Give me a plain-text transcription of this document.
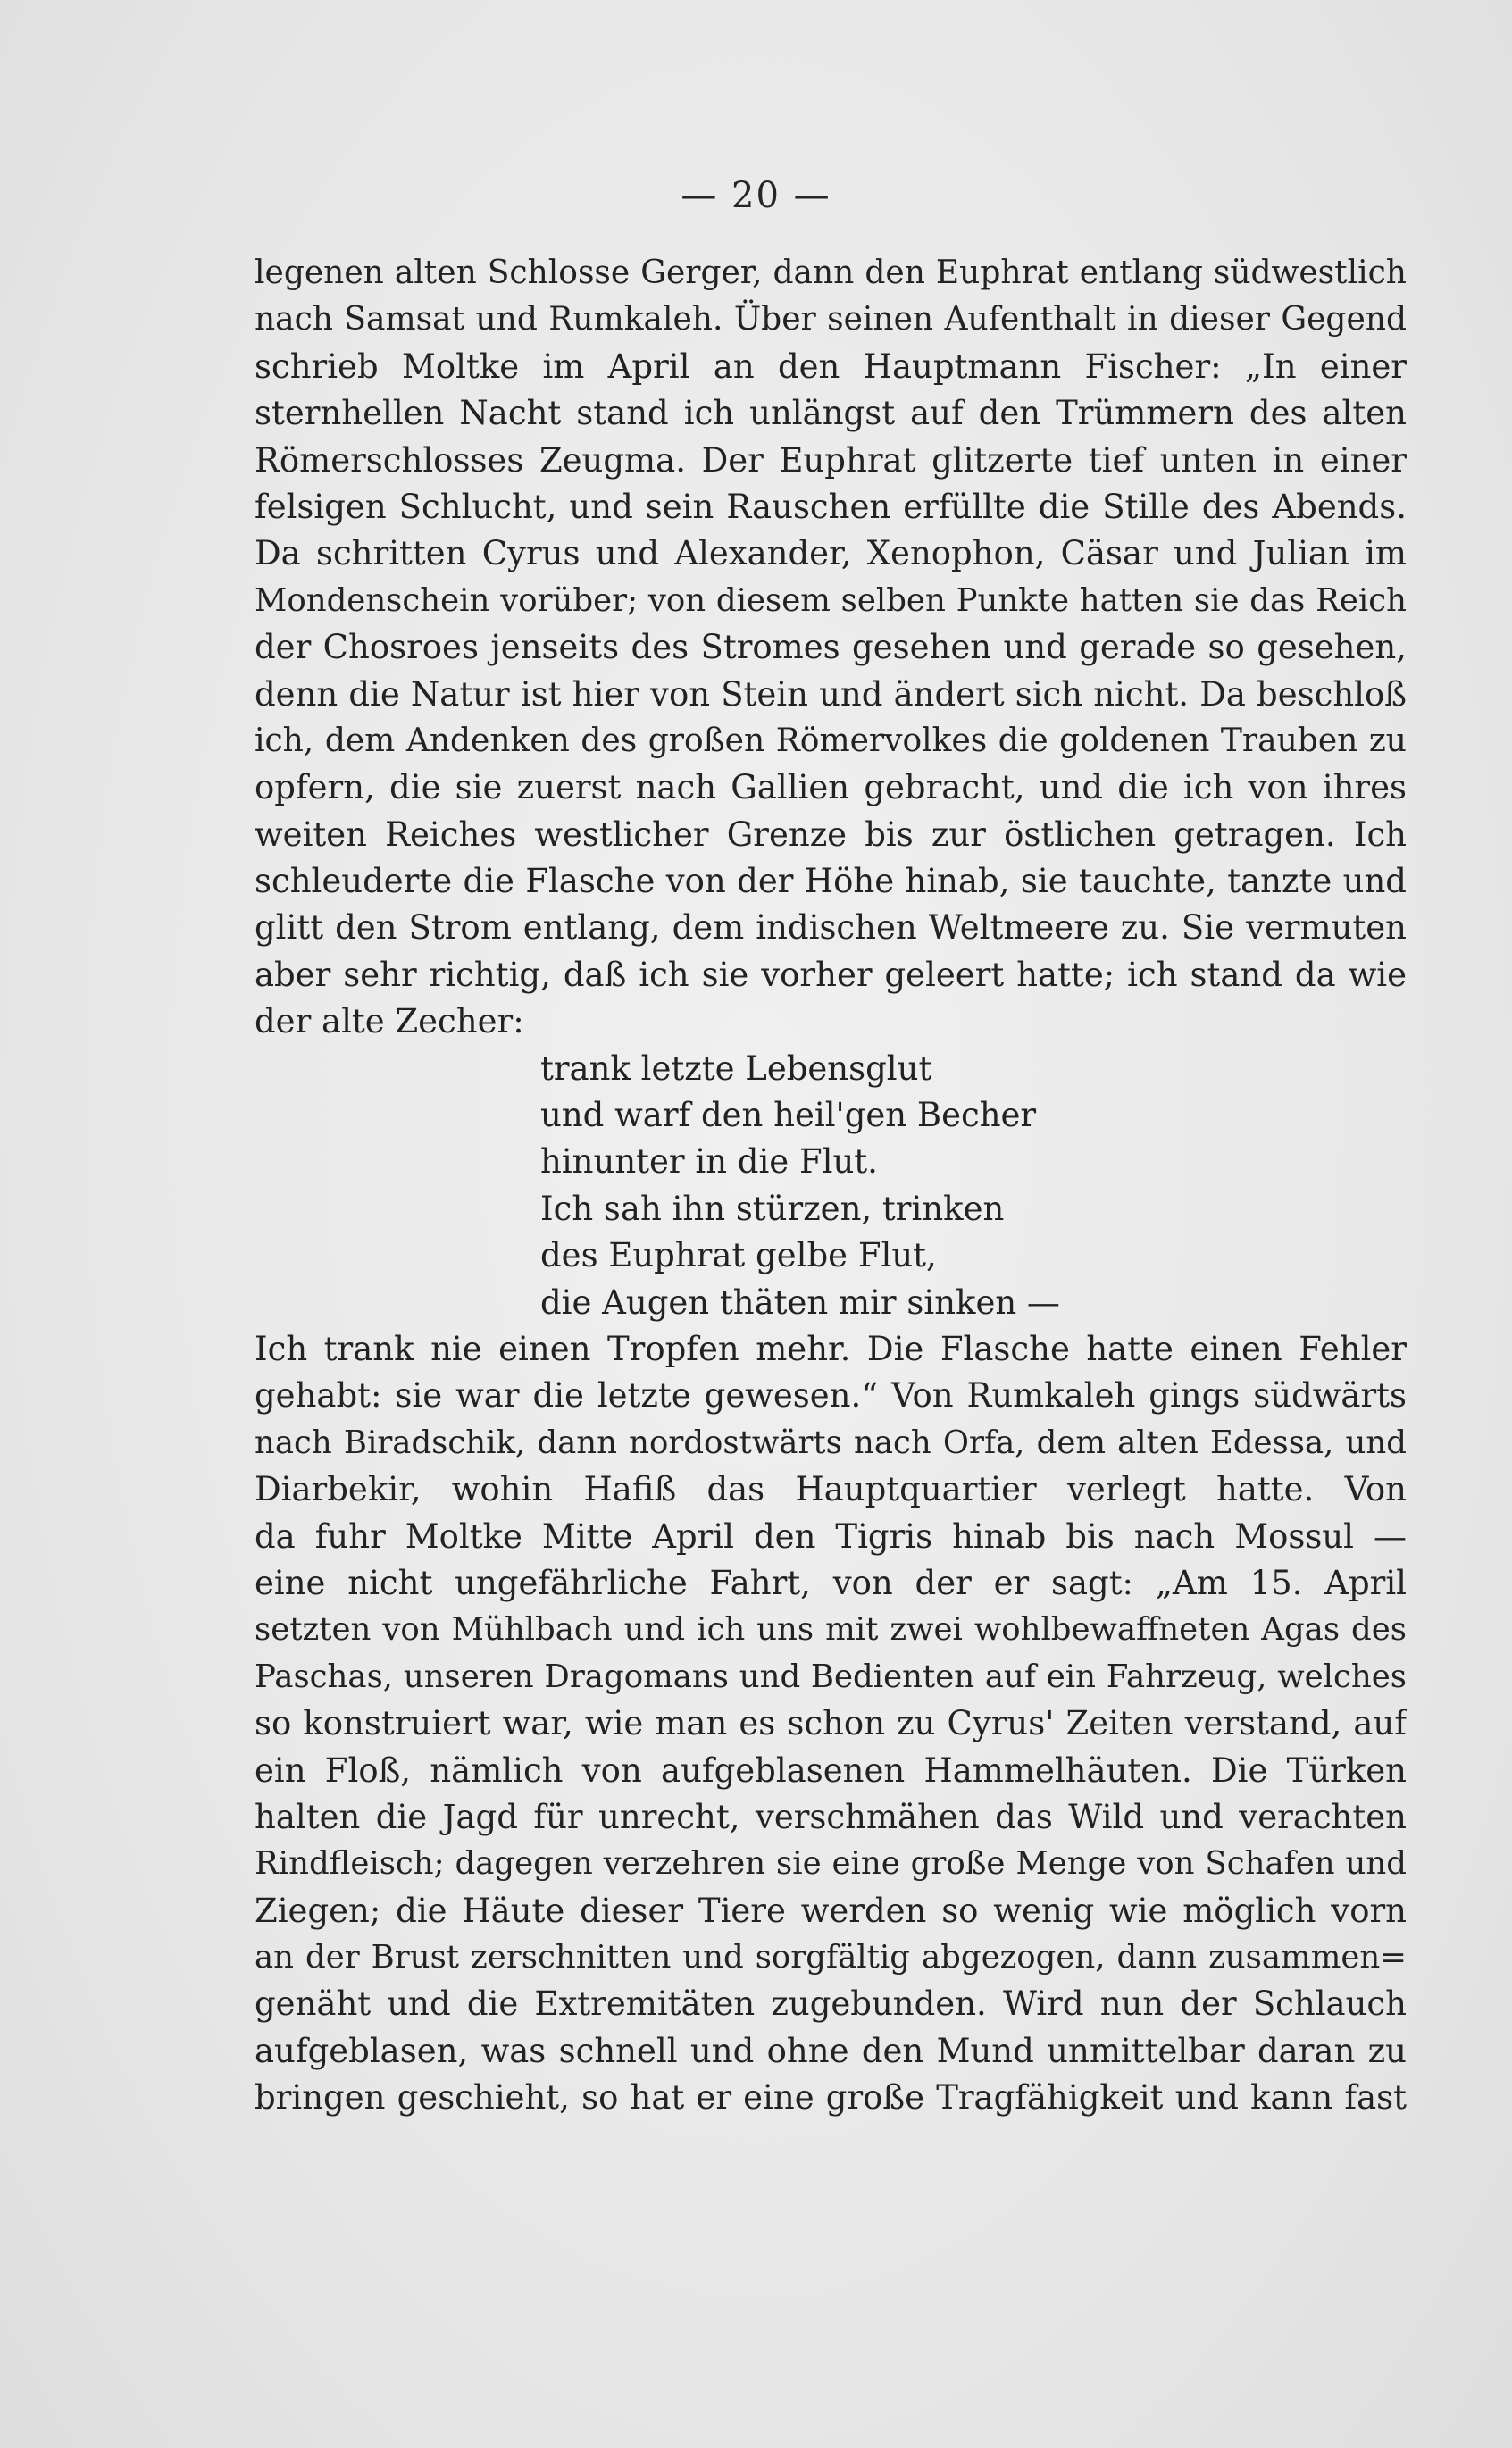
— 20 —
legenen alten Schlosse Gerger, dann den Euphrat entlang südwestlich
nach Samsat und Rumkaleh. Über seinen Aufenthalt in dieser Gegend
schrieb Moltke im April an den Hauptmann Fischer: „In einer
sternhellen Nacht stand ich unlängst auf den Trümmern des alten
Römerschlosses Zeugma. Der Euphrat glitzerte tief unten in einer
felsigen Schlucht, und sein Rauschen erfüllte die Stille des Abends.
Da schritten Cyrus und Alexander, Xenophon, Cäsar und Julian im
Mondenschein vorüber; von diesem selben Punkte hatten sie das Reich
der Chosroes jenseits des Stromes gesehen und gerade so gesehen,
denn die Natur ist hier von Stein und ändert sich nicht. Da beschloß
ich, dem Andenken des großen Römervolkes die goldenen Trauben zu
opfern, die sie zuerst nach Gallien gebracht, und die ich von ihres
weiten Reiches westlicher Grenze bis zur östlichen getragen. Ich
schleuderte die Flasche von der Höhe hinab, sie tauchte, tanzte und
glitt den Strom entlang, dem indischen Weltmeere zu. Sie vermuten
aber sehr richtig, daß ich sie vorher geleert hatte; ich stand da wie
der alte Zecher:
trank letzte Lebensglut
und warf den heil'gen Becher
hinunter in die Flut.
Ich sah ihn stürzen, trinken
des Euphrat gelbe Flut,
die Augen thäten mir sinken —
Ich trank nie einen Tropfen mehr. Die Flasche hatte einen Fehler
gehabt: sie war die letzte gewesen.“ Von Rumkaleh gings südwärts
nach Biradschik, dann nordostwärts nach Orfa, dem alten Edessa, und
Diarbekir, wohin Hafiß das Hauptquartier verlegt hatte. Von
da fuhr Moltke Mitte April den Tigris hinab bis nach Mossul —
eine nicht ungefährliche Fahrt, von der er sagt: „Am 15. April
setzten von Mühlbach und ich uns mit zwei wohlbewaffneten Agas des
Paschas, unseren Dragomans und Bedienten auf ein Fahrzeug, welches
so konstruiert war, wie man es schon zu Cyrus' Zeiten verstand, auf
ein Floß, nämlich von aufgeblasenen Hammelhäuten. Die Türken
halten die Jagd für unrecht, verschmähen das Wild und verachten
Rindfleisch; dagegen verzehren sie eine große Menge von Schafen und
Ziegen; die Häute dieser Tiere werden so wenig wie möglich vorn
an der Brust zerschnitten und sorgfältig abgezogen, dann zusammen=
genäht und die Extremitäten zugebunden. Wird nun der Schlauch
aufgeblasen, was schnell und ohne den Mund unmittelbar daran zu
bringen geschieht, so hat er eine große Tragfähigkeit und kann fast
